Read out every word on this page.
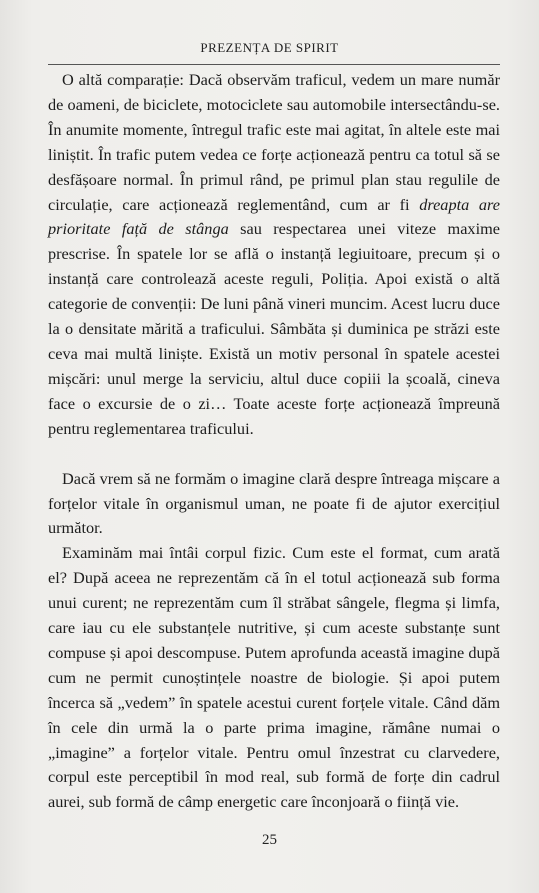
PREZENȚA DE SPIRIT

O altă comparație: Dacă observăm traficul, vedem un mare număr de oameni, de biciclete, motociclete sau automobile intersectându-se. În anumite momente, întregul trafic este mai agitat, în altele este mai liniștit. În trafic putem vedea ce forțe acționează pentru ca totul să se desfășoare normal. În primul rând, pe primul plan stau regulile de circulație, care acționează reglementând, cum ar fi dreapta are prioritate față de stânga sau respectarea unei viteze maxime prescrise. În spatele lor se află o instanță legiuitoare, precum și o instanță care controlează aceste reguli, Poliția. Apoi există o altă categorie de convenții: De luni până vineri muncim. Acest lucru duce la o densitate mărită a traficului. Sâmbăta și duminica pe străzi este ceva mai multă liniște. Există un motiv personal în spatele acestei mișcări: unul merge la serviciu, altul duce copiii la școală, cineva face o excursie de o zi… Toate aceste forțe acționează împreună pentru reglementarea traficului.

Dacă vrem să ne formăm o imagine clară despre întreaga mișcare a forțelor vitale în organismul uman, ne poate fi de ajutor exercițiul următor.

Examinăm mai întâi corpul fizic. Cum este el format, cum arată el? După aceea ne reprezentăm că în el totul acționează sub forma unui curent; ne reprezentăm cum îl străbat sângele, flegma și limfa, care iau cu ele substanțele nutritive, și cum aceste substanțe sunt compuse și apoi descompuse. Putem aprofunda această imagine după cum ne permit cunoștințele noastre de biologie. Și apoi putem încerca să „vedem” în spatele acestui curent forțele vitale. Când dăm în cele din urmă la o parte prima imagine, rămâne numai o „imagine” a forțelor vitale. Pentru omul înzestrat cu clarvedere, corpul este perceptibil în mod real, sub formă de forțe din cadrul aurei, sub formă de câmp energetic care înconjoară o ființă vie.

25
